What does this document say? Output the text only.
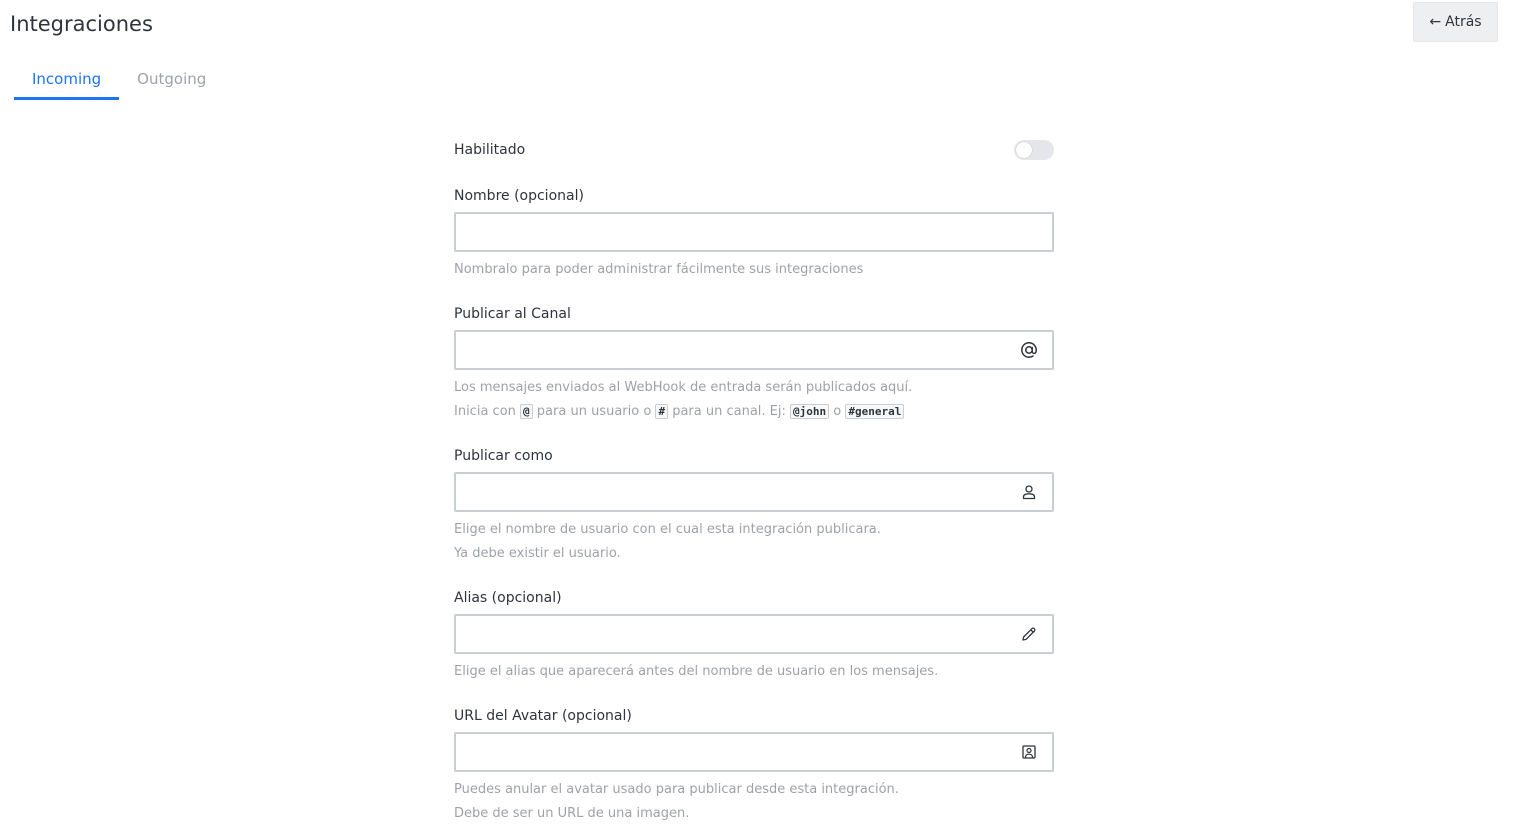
Integraciones	← Atrás
Incoming	Outgoing
Habilitado
Nombre (opcional)
Nombralo para poder administrar fácilmente sus integraciones
Publicar al Canal
Los mensajes enviados al WebHook de entrada serán publicados aquí.
Inicia con @ para un usuario o # para un canal. Ej: @john o #general
Publicar como
Elige el nombre de usuario con el cual esta integración publicara.
Ya debe existir el usuario.
Alias (opcional)
Elige el alias que aparecerá antes del nombre de usuario en los mensajes.
URL del Avatar (opcional)
Puedes anular el avatar usado para publicar desde esta integración.
Debe de ser un URL de una imagen.
